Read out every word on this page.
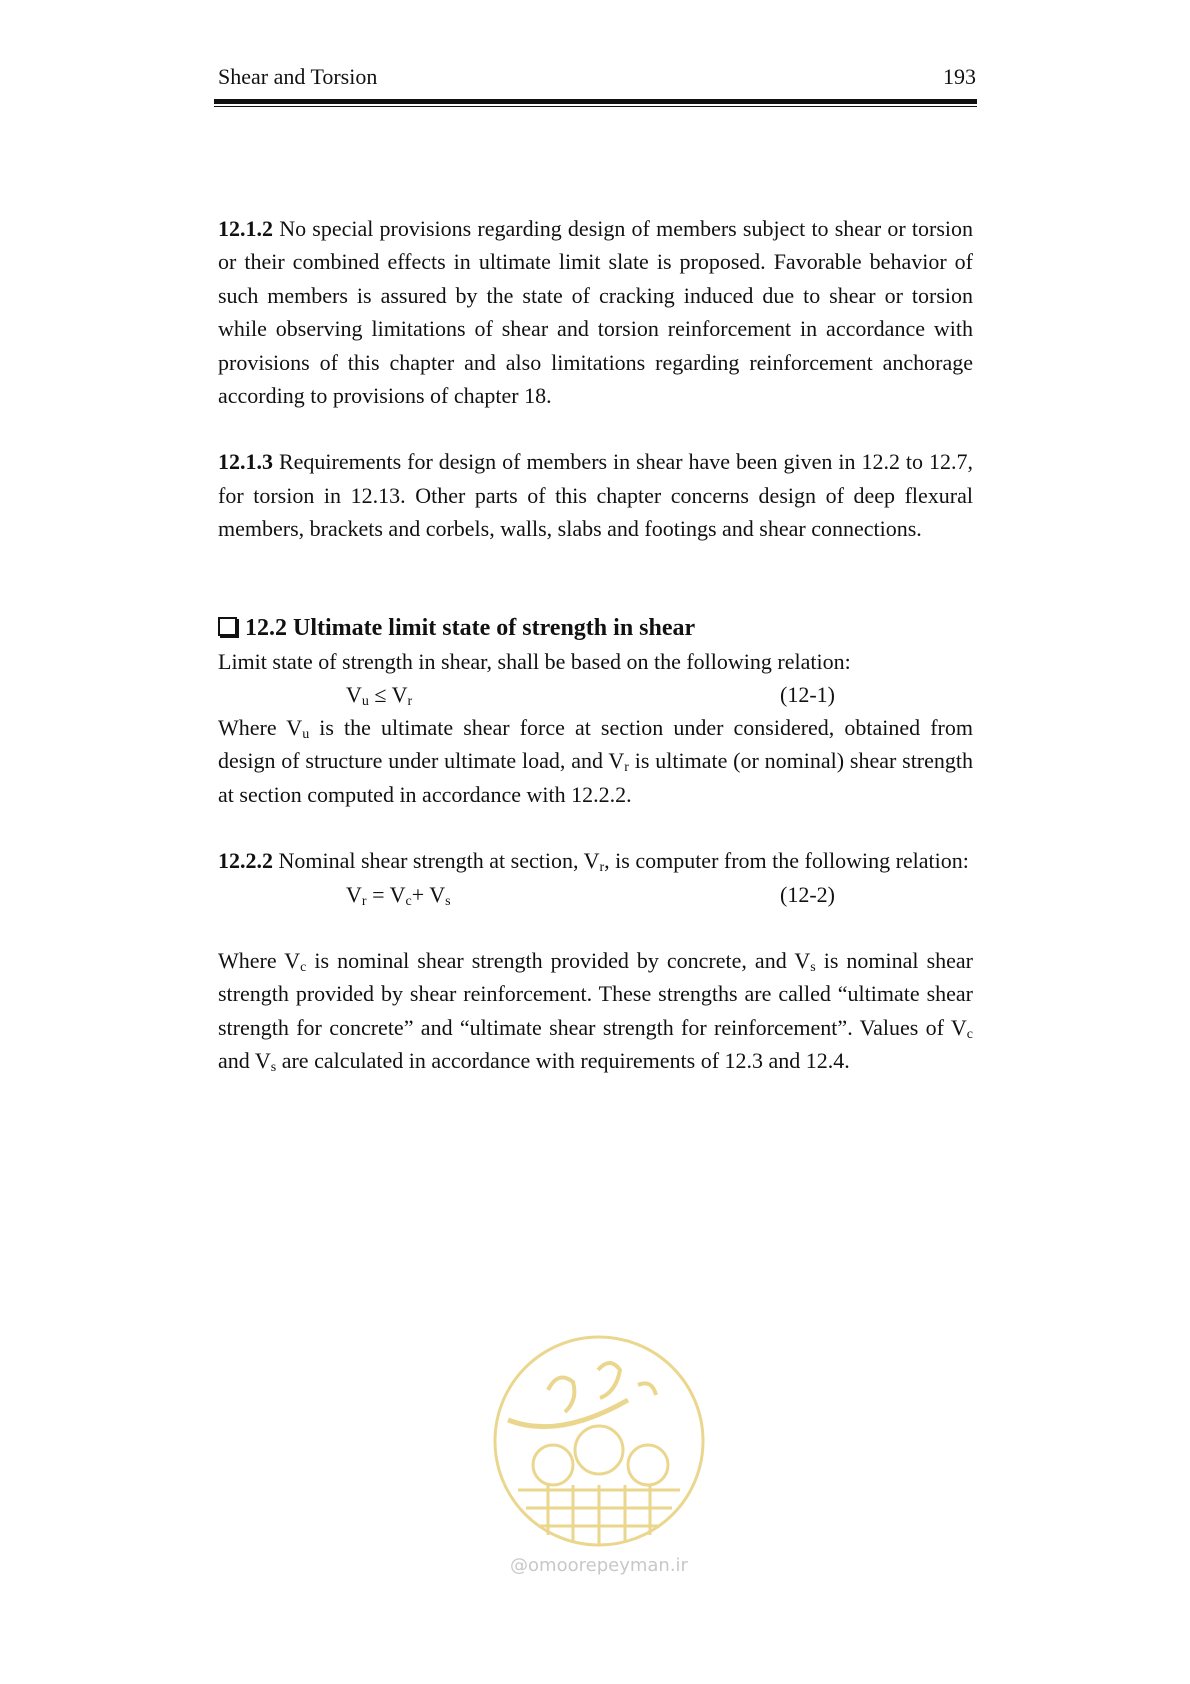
Shear and Torsion	193

12.1.2 No special provisions regarding design of members subject to shear or torsion or their combined effects in ultimate limit slate is proposed. Favorable behavior of such members is assured by the state of cracking induced due to shear or torsion while observing limitations of shear and torsion reinforcement in accordance with provisions of this chapter and also limitations regarding reinforcement anchorage according to provisions of chapter 18.

12.1.3 Requirements for design of members in shear have been given in 12.2 to 12.7, for torsion in 12.13. Other parts of this chapter concerns design of deep flexural members, brackets and corbels, walls, slabs and footings and shear connections.

12.2 Ultimate limit state of strength in shear

Limit state of strength in shear, shall be based on the following relation:

$V_u \le V_r$	(12-1)

Where $V_u$ is the ultimate shear force at section under considered, obtained from design of structure under ultimate load, and $V_r$ is ultimate (or nominal) shear strength at section computed in accordance with 12.2.2.

12.2.2 Nominal shear strength at section, $V_r$, is computer from the following relation:

$V_r = V_c+ V_s$	(12-2)

Where $V_c$ is nominal shear strength provided by concrete, and $V_s$ is nominal shear strength provided by shear reinforcement. These strengths are called “ultimate shear strength for concrete” and “ultimate shear strength for reinforcement”. Values of $V_c$ and $V_s$ are calculated in accordance with requirements of 12.3 and 12.4.

@omoorepeyman.ir
